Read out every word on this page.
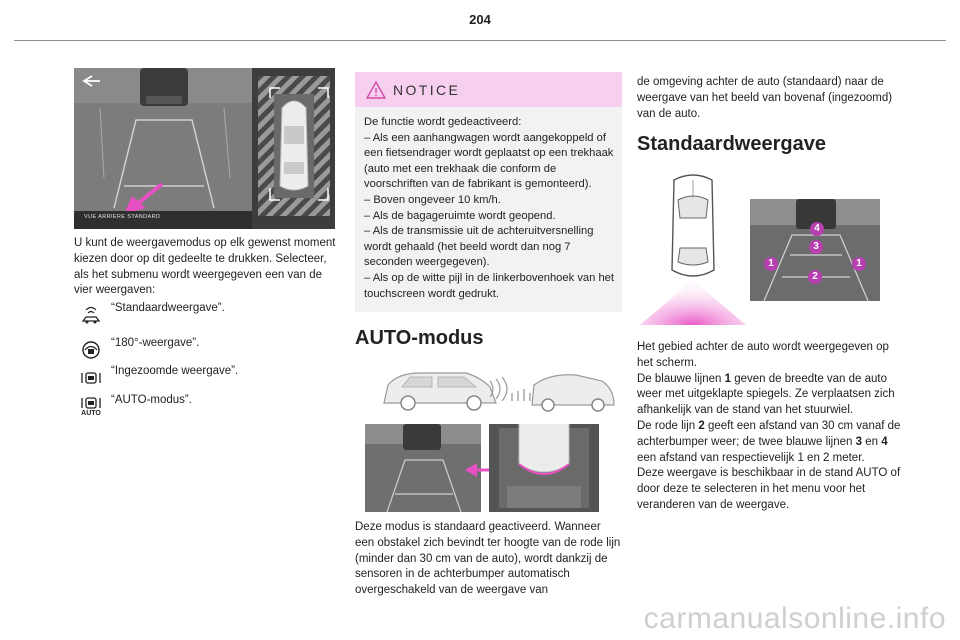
204
VUE ARRIERE STANDARD
U kunt de weergavemodus op elk gewenst moment kiezen door op dit gedeelte te drukken. Selecteer, als het submenu wordt weergegeven een van de vier weergaven:
“Standaardweergave”.
“180°-weergave”.
“Ingezoomde weergave”.
AUTO
“AUTO-modus”.
NOTICE
De functie wordt gedeactiveerd:
– Als een aanhangwagen wordt aangekoppeld of een fietsendrager wordt geplaatst op een trekhaak (auto met een trekhaak die conform de voorschriften van de fabrikant is gemonteerd).
– Boven ongeveer 10 km/h.
– Als de bagageruimte wordt geopend.
– Als de transmissie uit de achteruitversnelling wordt gehaald (het beeld wordt dan nog 7 seconden weergegeven).
– Als op de witte pijl in de linkerbovenhoek van het touchscreen wordt gedrukt.
AUTO-modus
Deze modus is standaard geactiveerd. Wanneer een obstakel zich bevindt ter hoogte van de rode lijn (minder dan 30 cm van de auto), wordt dankzij de sensoren in de achterbumper automatisch overgeschakeld van de weergave van
de omgeving achter de auto (standaard) naar de weergave van het beeld van bovenaf (ingezoomd) van de auto.
Standaardweergave
1
2
3
4
1
Het gebied achter de auto wordt weergegeven op het scherm.
De blauwe lijnen 1 geven de breedte van de auto weer met uitgeklapte spiegels. Ze verplaatsen zich afhankelijk van de stand van het stuurwiel.
De rode lijn 2 geeft een afstand van 30 cm vanaf de achterbumper weer; de twee blauwe lijnen 3 en 4 een afstand van respectievelijk 1 en 2 meter.
Deze weergave is beschikbaar in de stand AUTO of door deze te selecteren in het menu voor het veranderen van de weergave.
carmanualsonline.info
